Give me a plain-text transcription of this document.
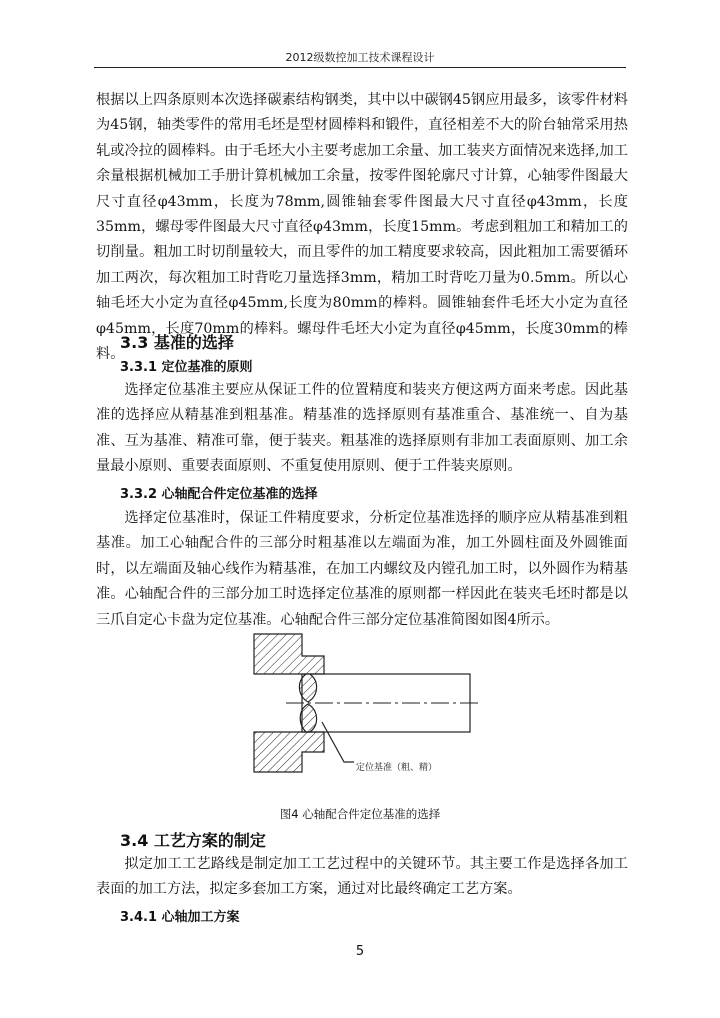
2012级数控加工技术课程设计

根据以上四条原则本次选择碳素结构钢类，其中以中碳钢45钢应用最多，该零件材料为45钢，轴类零件的常用毛坯是型材圆棒料和锻件，直径相差不大的阶台轴常采用热轧或冷拉的圆棒料。由于毛坯大小主要考虑加工余量、加工装夹方面情况来选择,加工余量根据机械加工手册计算机械加工余量，按零件图轮廓尺寸计算，心轴零件图最大尺寸直径φ43mm，长度为78mm,圆锥轴套零件图最大尺寸直径φ43mm，长度35mm，螺母零件图最大尺寸直径φ43mm，长度15mm。考虑到粗加工和精加工的切削量。粗加工时切削量较大，而且零件的加工精度要求较高，因此粗加工需要循环加工两次，每次粗加工时背吃刀量选择3mm，精加工时背吃刀量为0.5mm。所以心轴毛坯大小定为直径φ45mm,长度为80mm的棒料。圆锥轴套件毛坯大小定为直径φ45mm，长度70mm的棒料。螺母件毛坯大小定为直径φ45mm，长度30mm的棒料。

3.3 基准的选择
3.3.1 定位基准的原则

选择定位基准主要应从保证工件的位置精度和装夹方便这两方面来考虑。因此基准的选择应从精基准到粗基准。精基准的选择原则有基准重合、基准统一、自为基准、互为基准、精准可靠，便于装夹。粗基准的选择原则有非加工表面原则、加工余量最小原则、重要表面原则、不重复使用原则、便于工件装夹原则。

3.3.2 心轴配合件定位基准的选择

选择定位基准时，保证工件精度要求，分析定位基准选择的顺序应从精基准到粗基准。加工心轴配合件的三部分时粗基准以左端面为准，加工外圆柱面及外圆锥面时，以左端面及轴心线作为精基准，在加工内螺纹及内镗孔加工时，以外圆作为精基准。心轴配合件的三部分加工时选择定位基准的原则都一样因此在装夹毛坯时都是以三爪自定心卡盘为定位基准。心轴配合件三部分定位基准简图如图4所示。

定位基准（粗、精）
图4 心轴配合件定位基准的选择
3.4 工艺方案的制定

拟定加工工艺路线是制定加工工艺过程中的关键环节。其主要工作是选择各加工表面的加工方法，拟定多套加工方案，通过对比最终确定工艺方案。

3.4.1 心轴加工方案
5
